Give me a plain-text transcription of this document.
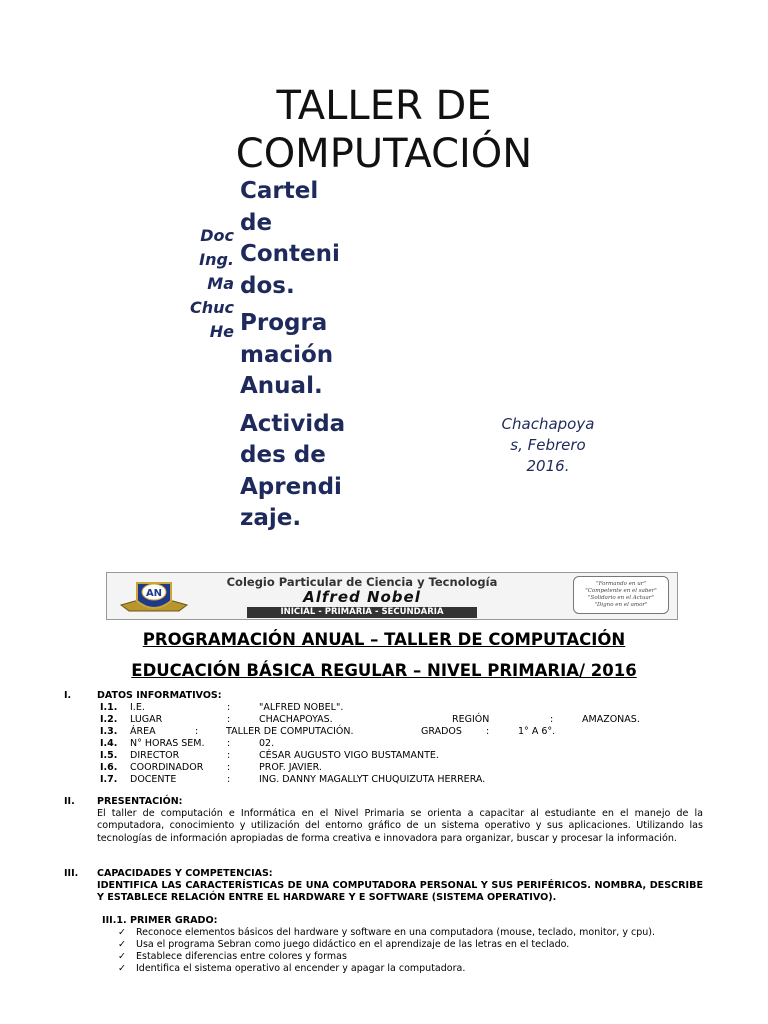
TALLER DE
COMPUTACIÓN
Cartel
de
Conteni
dos.
Progra
mación
Anual.
Activida
des de
Aprendi
zaje.
Doc
Ing.
Ma
Chuc
He
Chachapoya
s, Febrero
2016.
AN
Colegio Particular de Ciencia y Tecnología
Alfred Nobel
INICIAL - PRIMARIA - SECUNDARIA
"Formando en ur"
"Competente en el saber"
"Solidario en el Actuar"
"Digno en el amor"
PROGRAMACIÓN ANUAL – TALLER DE COMPUTACIÓN
EDUCACIÓN BÁSICA REGULAR – NIVEL PRIMARIA/ 2016
I.	DATOS INFORMATIVOS:
I.1. I.E.	:	"ALFRED NOBEL".
I.2. LUGAR	:	CHACHAPOYAS.	REGIÓN	:	AMAZONAS.
I.3. ÁREA	:	TALLER DE COMPUTACIÓN.	GRADOS	:	1° A 6°.
I.4. N° HORAS SEM. :	02.
I.5. DIRECTOR	:	CÉSAR AUGUSTO VIGO BUSTAMANTE.
I.6. COORDINADOR :	PROF. JAVIER.
I.7. DOCENTE	:	ING. DANNY MAGALLYT CHUQUIZUTA HERRERA.
II. PRESENTACIÓN:
El taller de computación e Informática en el Nivel Primaria se orienta a capacitar al estudiante en el manejo de la computadora, conocimiento y utilización del entorno gráfico de un sistema operativo y sus aplicaciones. Utilizando las tecnologías de información apropiadas de forma creativa e innovadora para organizar, buscar y procesar la información.
III. CAPACIDADES Y COMPETENCIAS:
IDENTIFICA LAS CARACTERÍSTICAS DE UNA COMPUTADORA PERSONAL Y SUS PERIFÉRICOS. NOMBRA, DESCRIBE Y ESTABLECE RELACIÓN ENTRE EL HARDWARE Y E SOFTWARE (SISTEMA OPERATIVO).
III.1. PRIMER GRADO:
✓ Reconoce elementos básicos del hardware y software en una computadora (mouse, teclado, monitor, y cpu).
✓ Usa el programa Sebran como juego didáctico en el aprendizaje de las letras en el teclado.
✓ Establece diferencias entre colores y formas
✓ Identifica el sistema operativo al encender y apagar la computadora.
